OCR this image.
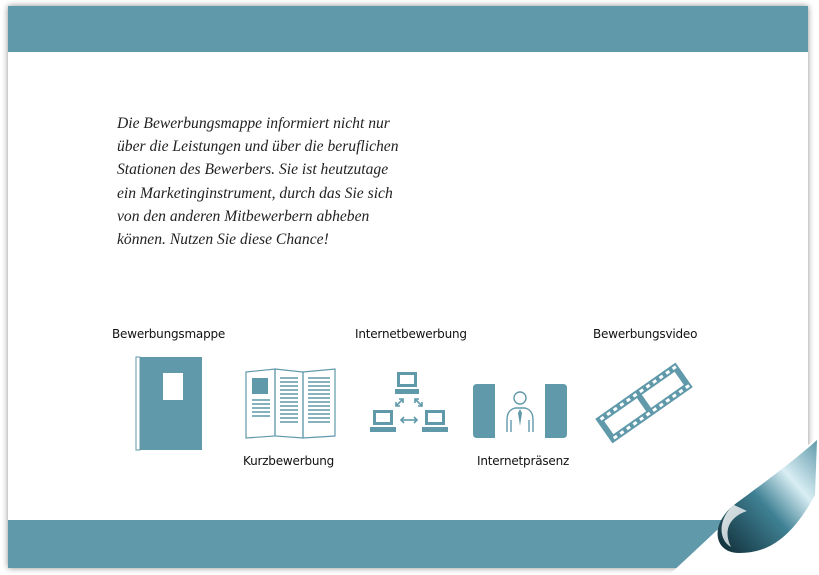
Die Bewerbungsmappe informiert nicht nur
über die Leistungen und über die beruflichen
Stationen des Bewerbers. Sie ist heutzutage
ein Marketinginstrument, durch das Sie sich
von den anderen Mitbewerbern abheben
können. Nutzen Sie diese Chance!
Bewerbungsmappe
Kurzbewerbung
Internetbewerbung
Internetpräsenz
Bewerbungsvideo
